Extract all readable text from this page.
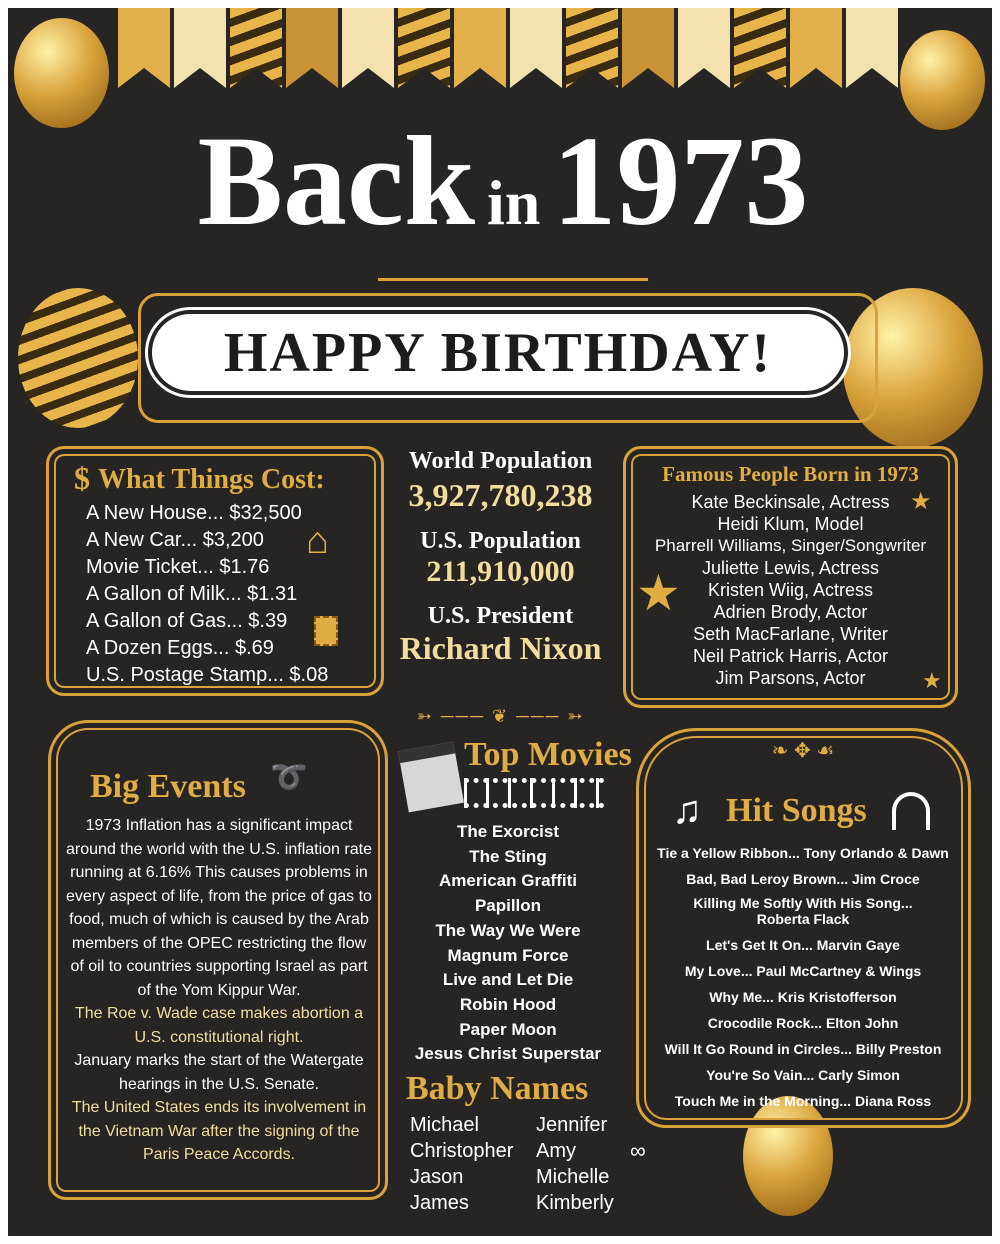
Back in 1973
HAPPY BIRTHDAY!
$ What Things Cost:
A New House... $32,500
A New Car... $3,200
Movie Ticket... $1.76
A Gallon of Milk... $1.31
A Gallon of Gas... $.39
A Dozen Eggs... $.69
U.S. Postage Stamp... $.08
⌂
World Population
3,927,780,238
U.S. Population
211,910,000
U.S. President
Richard Nixon
Famous People Born in 1973
Kate Beckinsale, Actress
Heidi Klum, Model
Pharrell Williams, Singer/Songwriter
Juliette Lewis, Actress
Kristen Wiig, Actress
Adrien Brody, Actor
Seth MacFarlane, Writer
Neil Patrick Harris, Actor
Jim Parsons, Actor
★
★
★
Big Events ➰
1973 Inflation has a significant impact around the world with the U.S. inflation rate running at 6.16% This causes problems in every aspect of life, from the price of gas to food, much of which is caused by the Arab members of the OPEC restricting the flow of oil to countries supporting Israel as part of the Yom Kippur War.
The Roe v. Wade case makes abortion a U.S. constitutional right.
January marks the start of the Watergate hearings in the U.S. Senate.
The United States ends its involvement in the Vietnam War after the signing of the Paris Peace Accords.
➳ ─── ❦ ─── ➳
Top Movies
The Exorcist
The Sting
American Graffiti
Papillon
The Way We Were
Magnum Force
Live and Let Die
Robin Hood
Paper Moon
Jesus Christ Superstar
Baby Names
Michael
Christopher
Jason
James
Jennifer
Amy
Michelle
Kimberly
∞
❧ ✥ ☙
♫ Hit Songs
Tie a Yellow Ribbon... Tony Orlando & Dawn
Bad, Bad Leroy Brown... Jim Croce
Killing Me Softly With His Song... Roberta Flack
Let's Get It On... Marvin Gaye
My Love... Paul McCartney & Wings
Why Me... Kris Kristofferson
Crocodile Rock... Elton John
Will It Go Round in Circles... Billy Preston
You're So Vain... Carly Simon
Touch Me in the Morning... Diana Ross
